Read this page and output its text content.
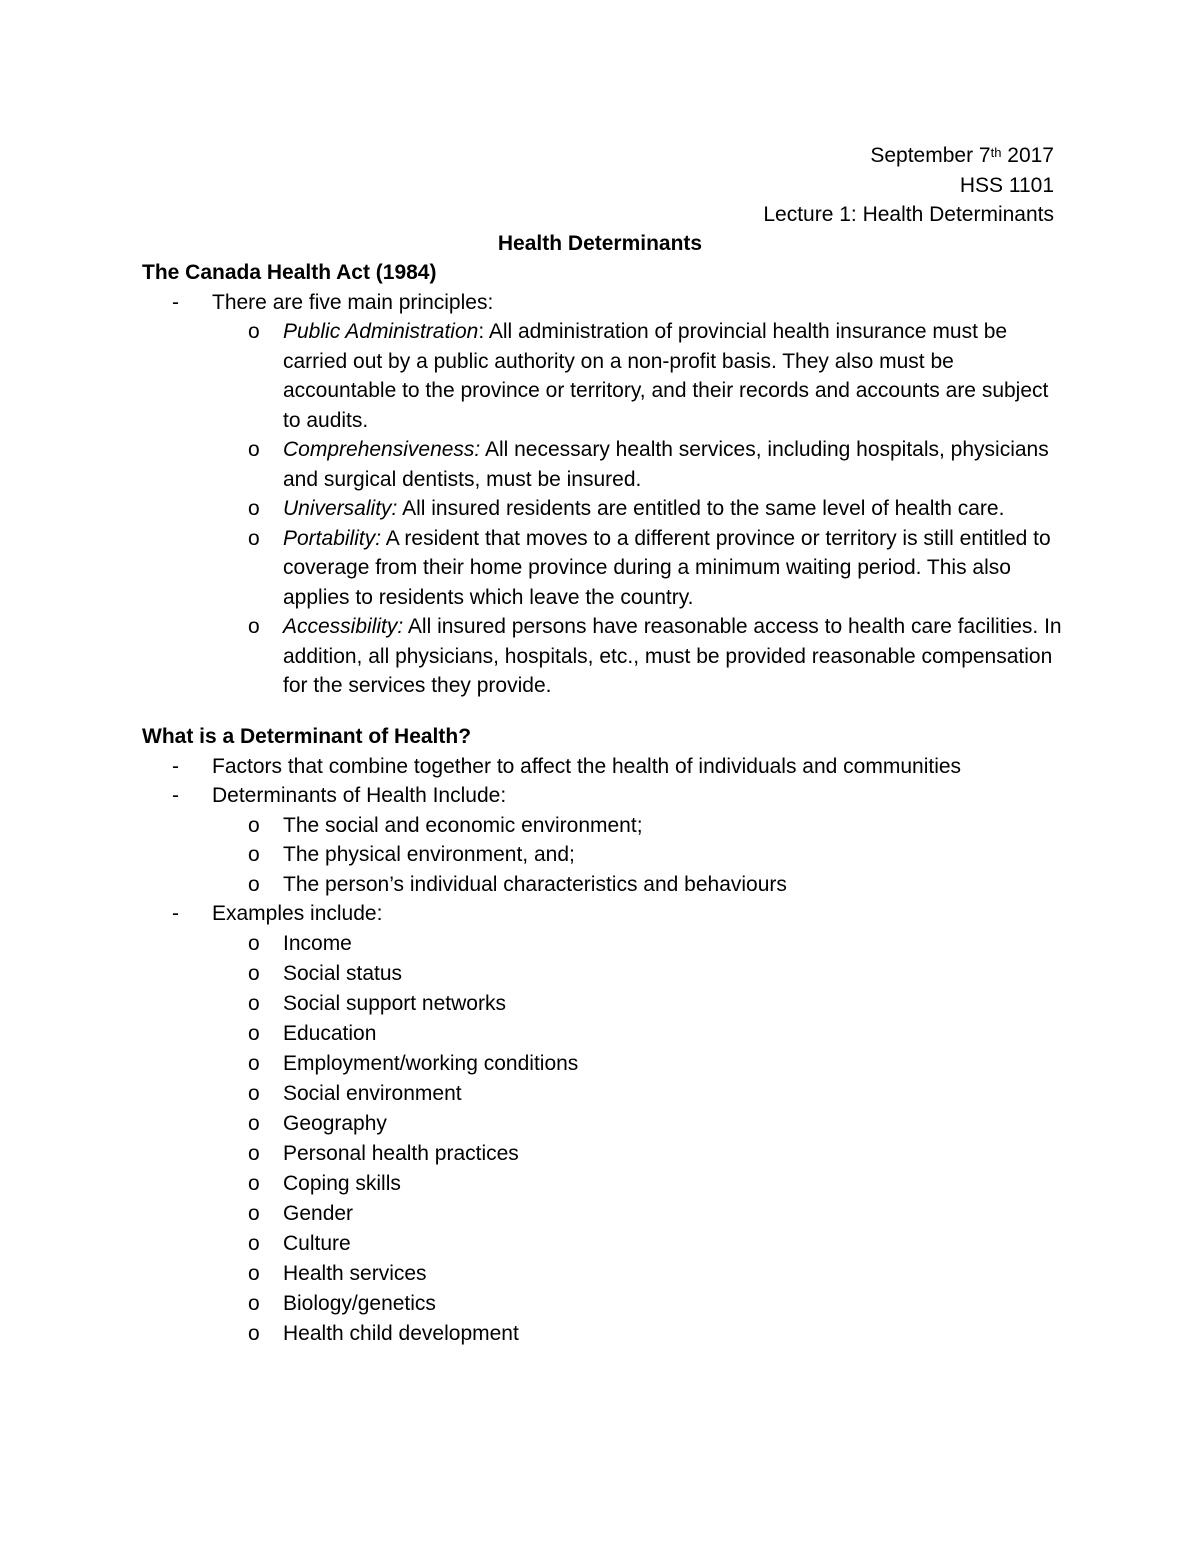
September 7th 2017
HSS 1101
Lecture 1: Health Determinants
Health Determinants
The Canada Health Act (1984)
- There are five main principles:
o Public Administration: All administration of provincial health insurance must be carried out by a public authority on a non-profit basis. They also must be accountable to the province or territory, and their records and accounts are subject to audits.
o Comprehensiveness: All necessary health services, including hospitals, physicians and surgical dentists, must be insured.
o Universality: All insured residents are entitled to the same level of health care.
o Portability: A resident that moves to a different province or territory is still entitled to coverage from their home province during a minimum waiting period. This also applies to residents which leave the country.
o Accessibility: All insured persons have reasonable access to health care facilities. In addition, all physicians, hospitals, etc., must be provided reasonable compensation for the services they provide.
What is a Determinant of Health?
- Factors that combine together to affect the health of individuals and communities
- Determinants of Health Include:
o The social and economic environment;
o The physical environment, and;
o The person’s individual characteristics and behaviours
- Examples include:
o Income
o Social status
o Social support networks
o Education
o Employment/working conditions
o Social environment
o Geography
o Personal health practices
o Coping skills
o Gender
o Culture
o Health services
o Biology/genetics
o Health child development
